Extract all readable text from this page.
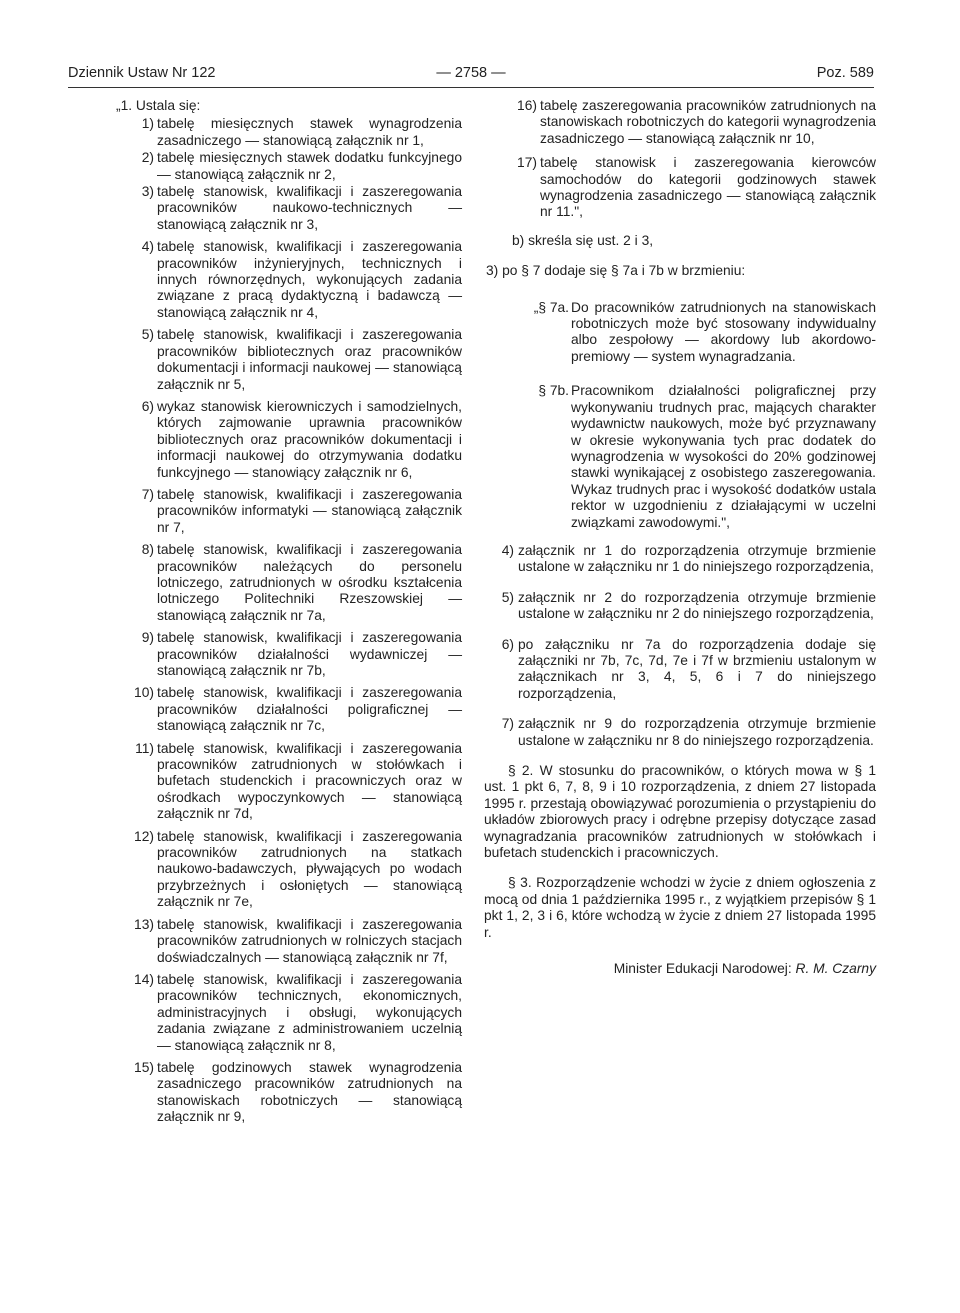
Dziennik Ustaw Nr 122	— 2758 —	Poz. 589
„1. Ustala się:
1) tabelę miesięcznych stawek wynagrodzenia zasadniczego — stanowiącą załącznik nr 1,
2) tabelę miesięcznych stawek dodatku funkcyjnego — stanowiącą załącznik nr 2,
3) tabelę stanowisk, kwalifikacji i zaszeregowania pracowników naukowo-technicznych — stanowiącą załącznik nr 3,
4) tabelę stanowisk, kwalifikacji i zaszeregowania pracowników inżynieryjnych, technicznych i innych równorzędnych, wykonujących zadania związane z pracą dydaktyczną i badawczą — stanowiącą załącznik nr 4,
5) tabelę stanowisk, kwalifikacji i zaszeregowania pracowników bibliotecznych oraz pracowników dokumentacji i informacji naukowej — stanowiącą załącznik nr 5,
6) wykaz stanowisk kierowniczych i samodzielnych, których zajmowanie uprawnia pracowników bibliotecznych oraz pracowników dokumentacji i informacji naukowej do otrzymywania dodatku funkcyjnego — stanowiący załącznik nr 6,
7) tabelę stanowisk, kwalifikacji i zaszeregowania pracowników informatyki — stanowiącą załącznik nr 7,
8) tabelę stanowisk, kwalifikacji i zaszeregowania pracowników należących do personelu lotniczego, zatrudnionych w ośrodku kształcenia lotniczego Politechniki Rzeszowskiej — stanowiącą załącznik nr 7a,
9) tabelę stanowisk, kwalifikacji i zaszeregowania pracowników działalności wydawniczej — stanowiącą załącznik nr 7b,
10) tabelę stanowisk, kwalifikacji i zaszeregowania pracowników działalności poligraficznej — stanowiącą załącznik nr 7c,
11) tabelę stanowisk, kwalifikacji i zaszeregowania pracowników zatrudnionych w stołówkach i bufetach studenckich i pracowniczych oraz w ośrodkach wypoczynkowych — stanowiącą załącznik nr 7d,
12) tabelę stanowisk, kwalifikacji i zaszeregowania pracowników zatrudnionych na statkach naukowo-badawczych, pływających po wodach przybrzeżnych i osłoniętych — stanowiącą załącznik nr 7e,
13) tabelę stanowisk, kwalifikacji i zaszeregowania pracowników zatrudnionych w rolniczych stacjach doświadczalnych — stanowiącą załącznik nr 7f,
14) tabelę stanowisk, kwalifikacji i zaszeregowania pracowników technicznych, ekonomicznych, administracyjnych i obsługi, wykonujących zadania związane z administrowaniem uczelnią — stanowiącą załącznik nr 8,
15) tabelę godzinowych stawek wynagrodzenia zasadniczego pracowników zatrudnionych na stanowiskach robotniczych — stanowiącą załącznik nr 9,
16) tabelę zaszeregowania pracowników zatrudnionych na stanowiskach robotniczych do kategorii wynagrodzenia zasadniczego — stanowiącą załącznik nr 10,
17) tabelę stanowisk i zaszeregowania kierowców samochodów do kategorii godzinowych stawek wynagrodzenia zasadniczego — stanowiącą załącznik nr 11.",
b) skreśla się ust. 2 i 3,
3) po § 7 dodaje się § 7a i 7b w brzmieniu:
„§ 7a. Do pracowników zatrudnionych na stanowiskach robotniczych może być stosowany indywidualny albo zespołowy — akordowy lub akordowo-premiowy — system wynagradzania.
§ 7b. Pracownikom działalności poligraficznej przy wykonywaniu trudnych prac, mających charakter wydawnictw naukowych, może być przyznawany w okresie wykonywania tych prac dodatek do wynagrodzenia w wysokości do 20% godzinowej stawki wynikającej z osobistego zaszeregowania. Wykaz trudnych prac i wysokość dodatków ustala rektor w uzgodnieniu z działającymi w uczelni związkami zawodowymi.",
4) załącznik nr 1 do rozporządzenia otrzymuje brzmienie ustalone w załączniku nr 1 do niniejszego rozporządzenia,
5) załącznik nr 2 do rozporządzenia otrzymuje brzmienie ustalone w załączniku nr 2 do niniejszego rozporządzenia,
6) po załączniku nr 7a do rozporządzenia dodaje się załączniki nr 7b, 7c, 7d, 7e i 7f w brzmieniu ustalonym w załącznikach nr 3, 4, 5, 6 i 7 do niniejszego rozporządzenia,
7) załącznik nr 9 do rozporządzenia otrzymuje brzmienie ustalone w załączniku nr 8 do niniejszego rozporządzenia.
§ 2. W stosunku do pracowników, o których mowa w § 1 ust. 1 pkt 6, 7, 8, 9 i 10 rozporządzenia, z dniem 27 listopada 1995 r. przestają obowiązywać porozumienia o przystąpieniu do układów zbiorowych pracy i odrębne przepisy dotyczące zasad wynagradzania pracowników zatrudnionych w stołówkach i bufetach studenckich i pracowniczych.
§ 3. Rozporządzenie wchodzi w życie z dniem ogłoszenia z mocą od dnia 1 października 1995 r., z wyjątkiem przepisów § 1 pkt 1, 2, 3 i 6, które wchodzą w życie z dniem 27 listopada 1995 r.
Minister Edukacji Narodowej: R. M. Czarny
